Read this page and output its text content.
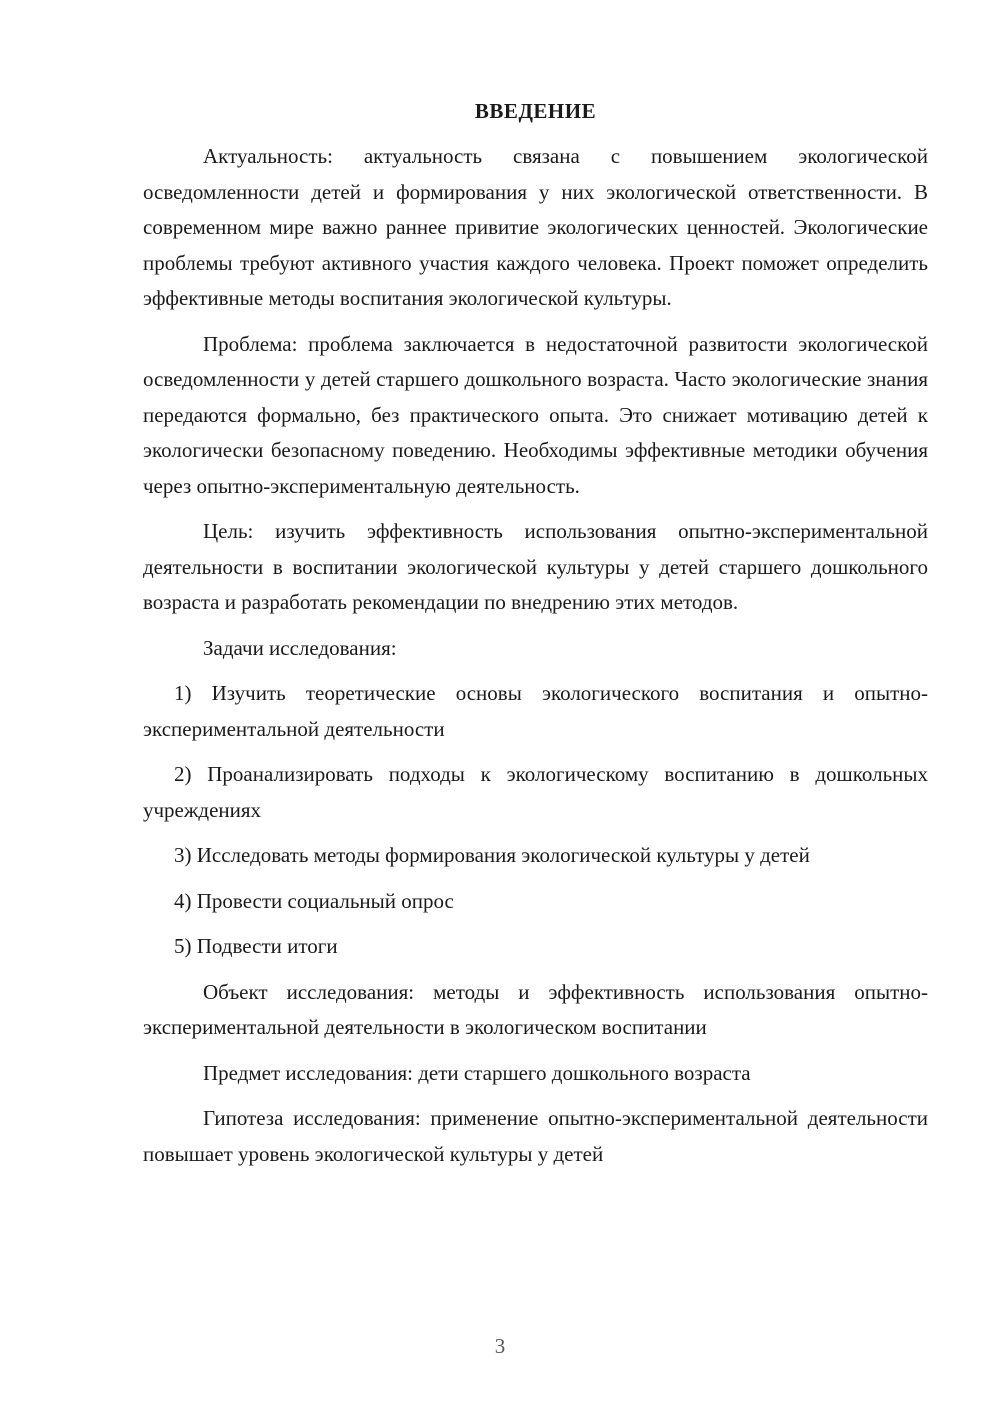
ВВЕДЕНИЕ

Актуальность: актуальность связана с повышением экологической осведомленности детей и формирования у них экологической ответственности. В современном мире важно раннее привитие экологических ценностей. Экологические проблемы требуют активного участия каждого человека. Проект поможет определить эффективные методы воспитания экологической культуры.

Проблема: проблема заключается в недостаточной развитости экологической осведомленности у детей старшего дошкольного возраста. Часто экологические знания передаются формально, без практического опыта. Это снижает мотивацию детей к экологически безопасному поведению. Необходимы эффективные методики обучения через опытно-экспериментальную деятельность.

Цель: изучить эффективность использования опытно-экспериментальной деятельности в воспитании экологической культуры у детей старшего дошкольного возраста и разработать рекомендации по внедрению этих методов.

Задачи исследования:

1) Изучить теоретические основы экологического воспитания и опытно-экспериментальной деятельности

2) Проанализировать подходы к экологическому воспитанию в дошкольных учреждениях

3) Исследовать методы формирования экологической культуры у детей

4) Провести социальный опрос

5) Подвести итоги

Объект исследования: методы и эффективность использования опытно-экспериментальной деятельности в экологическом воспитании

Предмет исследования: дети старшего дошкольного возраста

Гипотеза исследования: применение опытно-экспериментальной деятельности повышает уровень экологической культуры у детей

3
